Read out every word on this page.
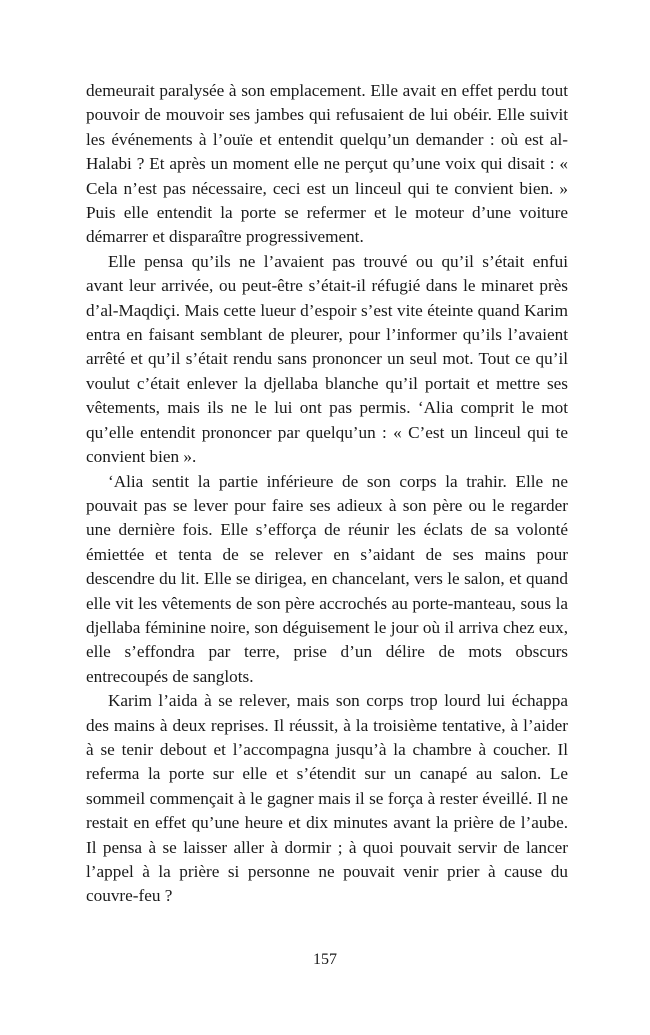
demeurait paralysée à son emplacement. Elle avait en effet perdu tout pouvoir de mouvoir ses jambes qui refusaient de lui obéir. Elle suivit les événements à l’ouïe et entendit quelqu’un demander : où est al-Halabi ? Et après un moment elle ne perçut qu’une voix qui disait : « Cela n’est pas nécessaire, ceci est un linceul qui te convient bien. » Puis elle entendit la porte se refermer et le moteur d’une voiture démarrer et disparaître progressivement.

Elle pensa qu’ils ne l’avaient pas trouvé ou qu’il s’était enfui avant leur arrivée, ou peut-être s’était-il réfugié dans le minaret près d’al-Maqdiçi. Mais cette lueur d’espoir s’est vite éteinte quand Karim entra en faisant semblant de pleurer, pour l’informer qu’ils l’avaient arrêté et qu’il s’était rendu sans prononcer un seul mot. Tout ce qu’il voulut c’était enlever la djellaba blanche qu’il portait et mettre ses vêtements, mais ils ne le lui ont pas permis. ‘Alia comprit le mot qu’elle entendit prononcer par quelqu’un : « C’est un linceul qui te convient bien ».

‘Alia sentit la partie inférieure de son corps la trahir. Elle ne pouvait pas se lever pour faire ses adieux à son père ou le regarder une dernière fois. Elle s’efforça de réunir les éclats de sa volonté émiettée et tenta de se relever en s’aidant de ses mains pour descendre du lit. Elle se dirigea, en chancelant, vers le salon, et quand elle vit les vêtements de son père accrochés au porte-manteau, sous la djellaba féminine noire, son déguisement le jour où il arriva chez eux, elle s’effondra par terre, prise d’un délire de mots obscurs entrecoupés de sanglots.

Karim l’aida à se relever, mais son corps trop lourd lui échappa des mains à deux reprises. Il réussit, à la troisième tentative, à l’aider à se tenir debout et l’accompagna jusqu’à la chambre à coucher. Il referma la porte sur elle et s’étendit sur un canapé au salon. Le sommeil commençait à le gagner mais il se força à rester éveillé. Il ne restait en effet qu’une heure et dix minutes avant la prière de l’aube. Il pensa à se laisser aller à dormir ; à quoi pouvait servir de lancer l’appel à la prière si personne ne pouvait venir prier à cause du couvre-feu ?

157
